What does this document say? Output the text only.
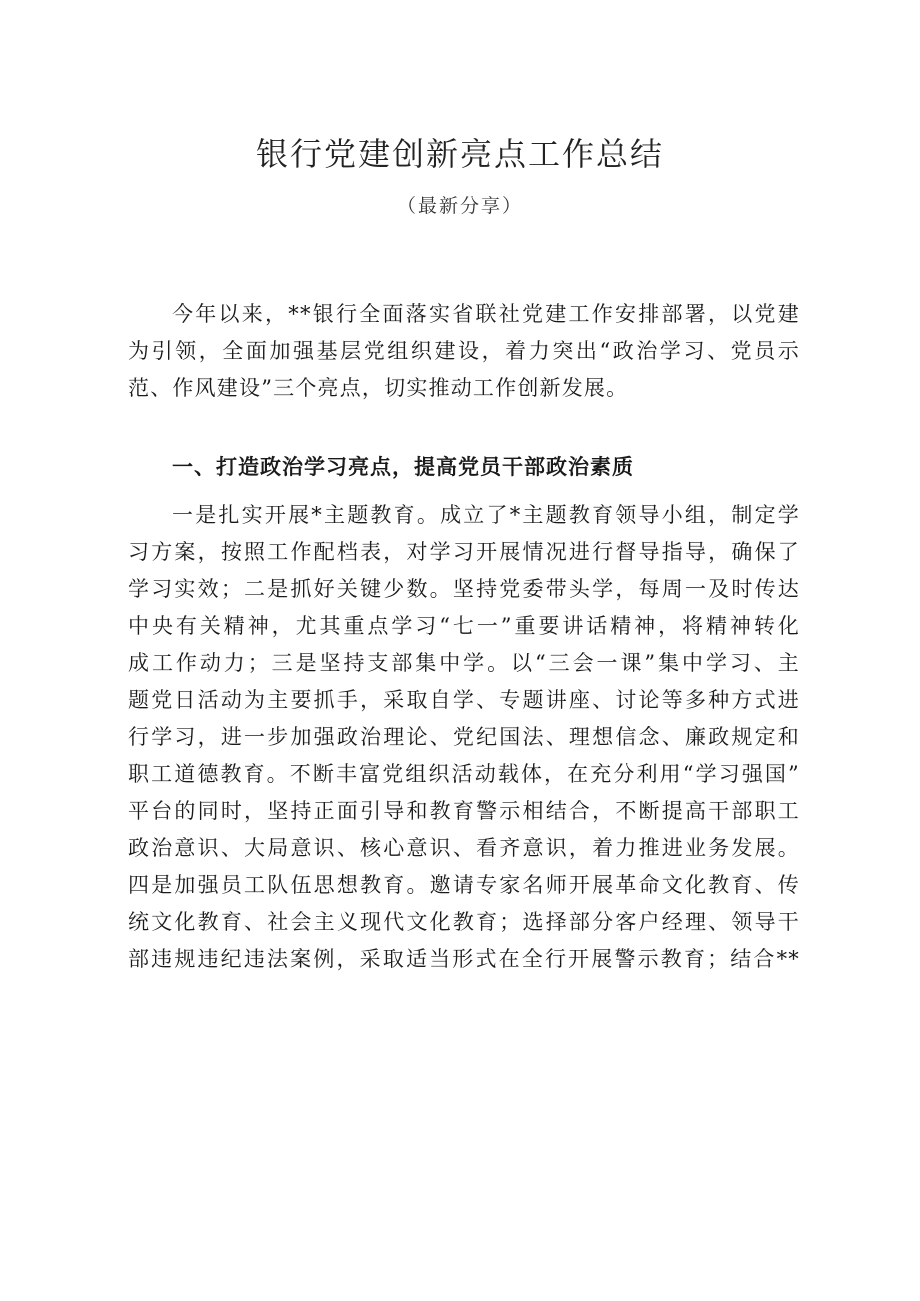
银行党建创新亮点工作总结
（最新分享）
今年以来，**银行全面落实省联社党建工作安排部署，以党建
为引领，全面加强基层党组织建设，着力突出“政治学习、党员示
范、作风建设”三个亮点，切实推动工作创新发展。
一、打造政治学习亮点，提高党员干部政治素质
一是扎实开展*主题教育。成立了*主题教育领导小组，制定学
习方案，按照工作配档表，对学习开展情况进行督导指导，确保了
学习实效；二是抓好关键少数。坚持党委带头学，每周一及时传达
中央有关精神，尤其重点学习“七一”重要讲话精神，将精神转化
成工作动力；三是坚持支部集中学。以“三会一课”集中学习、主
题党日活动为主要抓手，采取自学、专题讲座、讨论等多种方式进
行学习，进一步加强政治理论、党纪国法、理想信念、廉政规定和
职工道德教育。不断丰富党组织活动载体，在充分利用“学习强国”
平台的同时，坚持正面引导和教育警示相结合，不断提高干部职工
政治意识、大局意识、核心意识、看齐意识，着力推进业务发展。
四是加强员工队伍思想教育。邀请专家名师开展革命文化教育、传
统文化教育、社会主义现代文化教育；选择部分客户经理、领导干
部违规违纪违法案例，采取适当形式在全行开展警示教育；结合**
